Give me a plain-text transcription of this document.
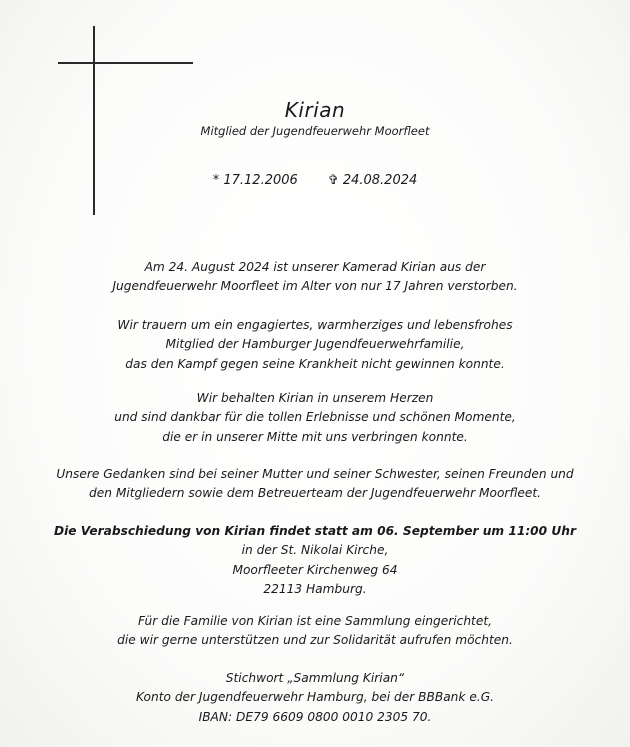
Kirian
Mitglied der Jugendfeuerwehr Moorfleet
* 17.12.2006 ✞ 24.08.2024
Am 24. August 2024 ist unserer Kamerad Kirian aus der
Jugendfeuerwehr Moorfleet im Alter von nur 17 Jahren verstorben.
Wir trauern um ein engagiertes, warmherziges und lebensfrohes
Mitglied der Hamburger Jugendfeuerwehrfamilie,
das den Kampf gegen seine Krankheit nicht gewinnen konnte.
Wir behalten Kirian in unserem Herzen
und sind dankbar für die tollen Erlebnisse und schönen Momente,
die er in unserer Mitte mit uns verbringen konnte.
Unsere Gedanken sind bei seiner Mutter und seiner Schwester, seinen Freunden und
den Mitgliedern sowie dem Betreuerteam der Jugendfeuerwehr Moorfleet.
Die Verabschiedung von Kirian findet statt am 06. September um 11:00 Uhr
in der St. Nikolai Kirche,
Moorfleeter Kirchenweg 64
22113 Hamburg.
Für die Familie von Kirian ist eine Sammlung eingerichtet,
die wir gerne unterstützen und zur Solidarität aufrufen möchten.
Stichwort „Sammlung Kirian“
Konto der Jugendfeuerwehr Hamburg, bei der BBBank e.G.
IBAN: DE79 6609 0800 0010 2305 70.
